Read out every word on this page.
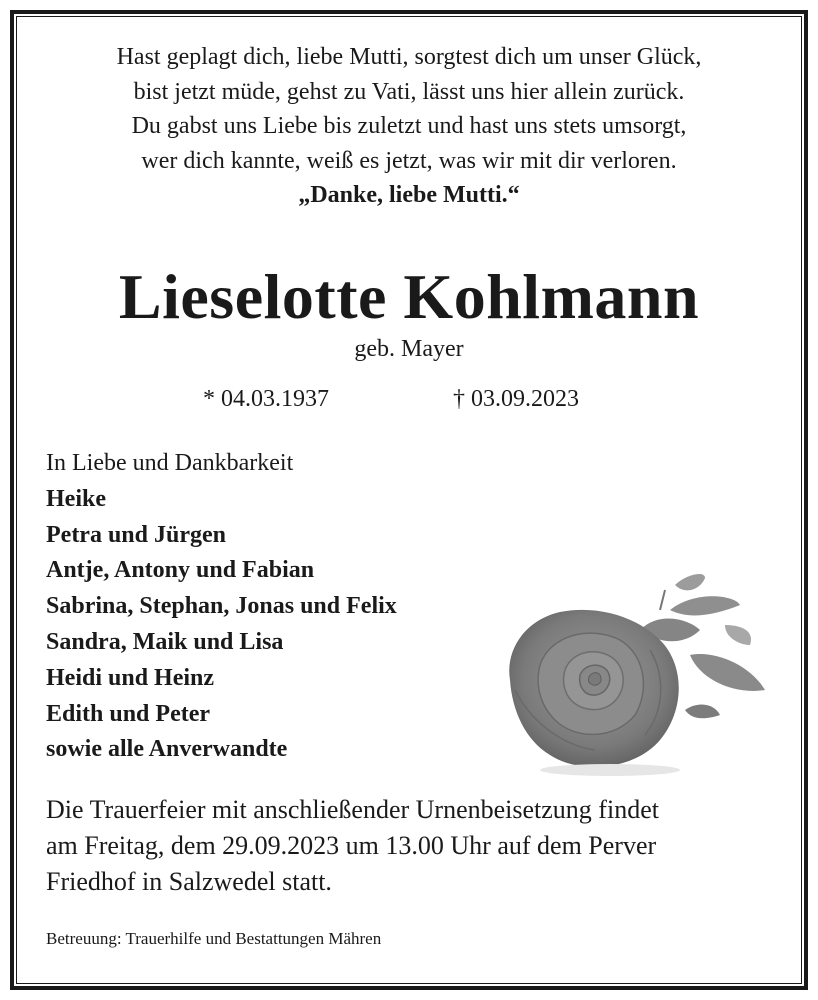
Hast geplagt dich, liebe Mutti, sorgtest dich um unser Glück,
bist jetzt müde, gehst zu Vati, lässt uns hier allein zurück.
Du gabst uns Liebe bis zuletzt und hast uns stets umsorgt,
wer dich kannte, weiß es jetzt, was wir mit dir verloren.
„Danke, liebe Mutti.“
Lieselotte Kohlmann
geb. Mayer
* 04.03.1937	† 03.09.2023
In Liebe und Dankbarkeit
Heike
Petra und Jürgen
Antje, Antony und Fabian
Sabrina, Stephan, Jonas und Felix
Sandra, Maik und Lisa
Heidi und Heinz
Edith und Peter
sowie alle Anverwandte
Die Trauerfeier mit anschließender Urnenbeisetzung findet
am Freitag, dem 29.09.2023 um 13.00 Uhr auf dem Perver
Friedhof in Salzwedel statt.
Betreuung: Trauerhilfe und Bestattungen Mähren
